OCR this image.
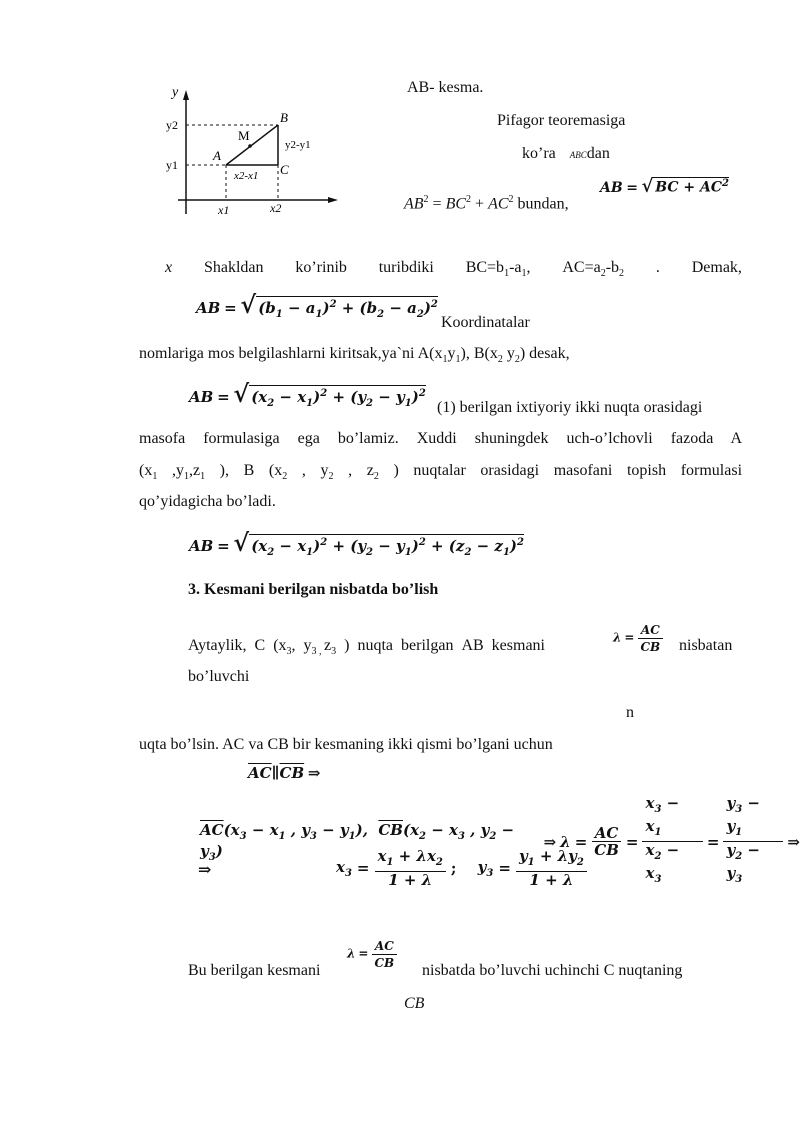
y
y2
y1
B
M
A
C
y2-y1
x2-x1
x1	x2
AB- kesma.
Pifagor teoremasiga
ko’ra ABCdan
$AB^2 = BC^2 + AC^2$ bundan,
AB = √ BC + $AC^2$
x Shakldan ko’rinib turibdiki $BC=b_1-a_1$, $AC=a_2-b_2$ . Demak,
AB = √ $(b_1 - a_1)^2 + (b_2 - a_2)^2$
Koordinatalar
nomlariga mos belgilashlarni kiritsak,ya`ni $A(x_1y_1)$, $B(x_2$ $y_2$) desak,
AB = √ $(x_2 - x_1)^2 + (y_2 - y_1)^2$
(1) berilgan ixtiyoriy ikki nuqta orasidagi
masofa formulasiga ega bo’lamiz. Xuddi shuningdek uch-o’lchovli fazoda A
($x_1$ $,y_1,z_1$ ), B ($x_2$ , $y_2$ , $z_2$ ) nuqtalar orasidagi masofani topish formulasi
qo’yidagicha bo’ladi.
AB = √ $(x_2 - x_1)^2 + (y_2 - y_1)^2 + (z_2 - z_1)^2$
3. Kesmani berilgan nisbatda bo’lish
Aytaylik,  C  ($x_3$,  $y_{3 ,}$ $z_3$  )  nuqta  berilgan  AB  kesmani	$\lambda = \frac{AC}{CB}$ nisbatan
bo’luvchi
n
uqta bo’lsin. AC va CB bir kesmaning ikki qismi bo’lgani uchun
$\overline{AC}\parallel\overline{CB}$ ⇒
$\overline{AC}(x_3 - x_1$ , $y_3 - y_1$),  $\overline{CB}(x_2 - x_3$ , $y_2 - y_3$)	⇒ $\lambda = \frac{AC}{CB} = \frac{x_3 - x_1}{x_2 - x_3} = \frac{y_3 - y_1}{y_2 - y_3}$ ⇒
⇒	$x_3 = \frac{x_1 + \lambda x_2}{1 + \lambda}$ ;
$y_3 = \frac{y_1 + \lambda y_2}{1 + \lambda}$
Bu berilgan kesmani
$\lambda = \frac{AC}{CB}$ nisbatda bo’luvchi uchinchi C nuqtaning
CB
